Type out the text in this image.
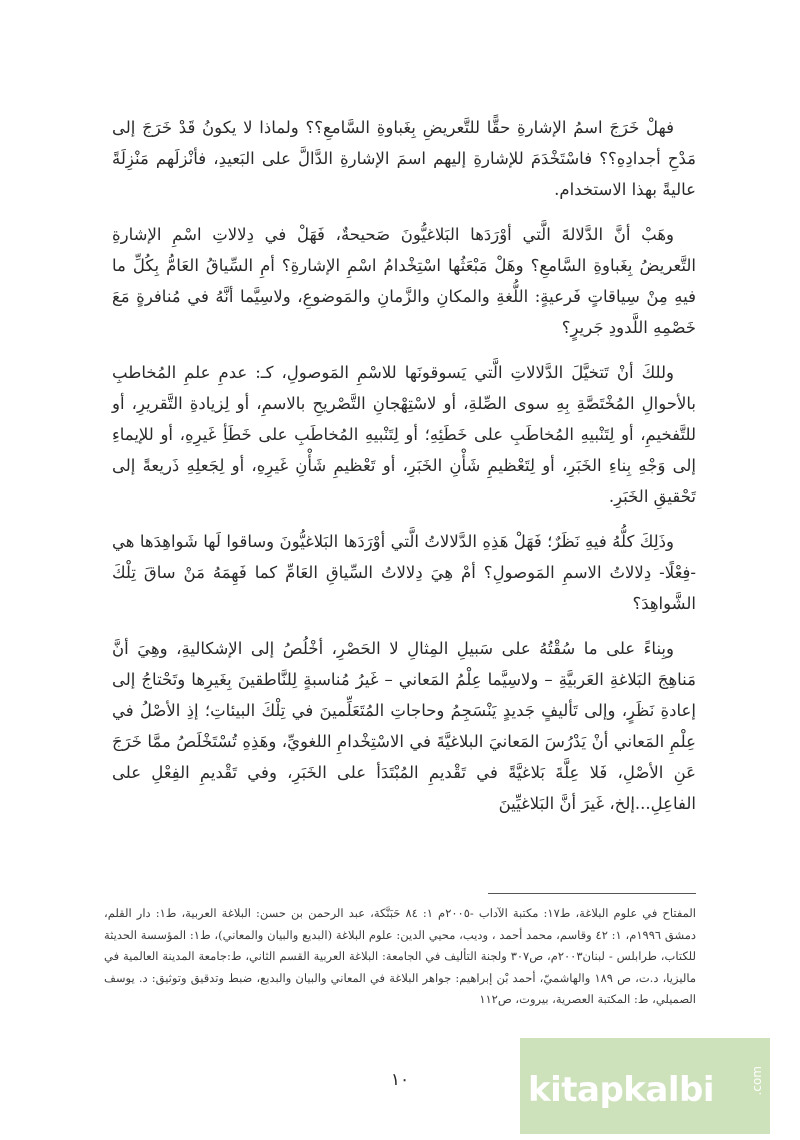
فهلْ خَرَجَ اسمُ الإشارةِ حقًّا للتَّعريضِ بِغَباوةِ السَّامعِ؟؟ ولماذا لا يكونُ قَدْ خَرَجَ إلى مَدْحِ أجدادِهِ؟؟ فاسْتَخْدَمَ للإشارةِ إليهم اسمَ الإشارةِ الدَّالَّ على البَعيدِ، فأنْزلَهم مَنْزِلَةً عاليةً بهذا الاستخدام.

وهَبْ أنَّ الدَّلالةَ الَّتي أوْرَدَها البَلاغيُّونَ صَحيحةٌ، فَهَلْ في دِلالاتِ اسْمِ الإشارةِ التَّعريضُ بِغَباوةِ السَّامعِ؟ وهَلْ مَبْعَثُها اسْتِخْدامُ اسْمِ الإشارةِ؟ أمِ السِّياقُ العَامُّ بِكُلِّ ما فيهِ مِنْ سِياقاتٍ فَرعيةٍ: اللُّغةِ والمكانِ والزَّمانِ والمَوضوعِ، ولاسِيَّما أنَّهُ في مُنافرةٍ مَعَ خَصْمِهِ اللَّدودِ جَريرٍ؟

وللكَ أنْ تَتخيَّلَ الدَّلالاتِ الَّتي يَسوقونَها للاسْمِ المَوصولِ، كـ: عدمِ علمِ المُخاطبِ بالأحوالِ المُخْتَصَّةِ بِهِ سوى الصِّلةِ، أو لاسْتِهْجانِ التَّصْريحِ بالاسمِ، أو لِزيادةِ التَّقريرِ، أو للتَّفخيمِ، أو لِتَنْبيهِ المُخاطَبِ على خَطَئِهِ؛ أو لِتَنْبيهِ المُخاطَبِ على خَطَأِ غَيرِهِ، أو للإيماءِ إلى وَجْهِ بِناءِ الخَبَرِ، أو لِتَعْظيمِ شَأْنِ الخَبَرِ، أو تَعْظيمِ شَأْنِ غَيرِهِ، أو لِجَعلِهِ ذَريعةً إلى تَحْقيقِ الخَبَرِ.

وذَلِكَ كلُّهُ فيهِ نَظَرٌ؛ فَهَلْ هَذِهِ الدَّلالاتُ الَّتي أوْرَدَها البَلاغيُّونَ وساقوا لَها شَواهِدَها هي -فِعْلًا- دِلالاتُ الاسمِ المَوصولِ؟ أمْ هِيَ دِلالاتُ السِّياقِ العَامِّ كما فَهِمَهُ مَنْ ساقَ تِلْكَ الشَّواهِدَ؟

وبِناءً على ما سُقْتُهُ على سَبيلِ المِثالِ لا الحَصْرِ، أخْلُصُ إلى الإشكاليةِ، وهِيَ أنَّ مَناهِجَ البَلاغةِ العَربيَّةِ – ولاسِيَّما عِلْمُ المَعاني – غَيرُ مُناسبةٍ لِلنَّاطقينَ بِغَيرِها وتَحْتاجُ إلى إعادةِ نَظَرٍ، وإلى تَأليفٍ جَديدٍ يَنْسَجِمُ وحاجاتِ المُتَعَلِّمينَ في تِلْكَ البيئاتِ؛ إذِ الأصْلُ في عِلْمِ المَعاني أنْ يَدْرُسَ المَعانيَ البلاغيَّةَ في الاسْتِخْدامِ اللغويِّ، وهَذِهِ تُسْتَخْلَصُ ممَّا خَرَجَ عَنِ الأصْلِ، فَلا عِلَّةَ بَلاغيَّةً في تَقْديمِ المُبْتَدَأ على الخَبَرِ، وفي تَقْديمِ الفِعْلِ على الفاعِلِ...إلخ، غَيرَ أنَّ البَلاغيِّينَ

المفتاح في علوم البلاغة، ط١٧: مكتبة الآداب -٢٠٠٥م ١: ٨٤ حَبَنَّكة، عبد الرحمن بن حسن: البلاغة العربية، ط١: دار القلم، دمشق ١٩٩٦م، ١: ٤٢ وقاسم، محمد أحمد ، وديب، محيي الدين: علوم البلاغة (البديع والبيان والمعاني)، ط١: المؤسسة الحديثة للكتاب، طرابلس - لبنان٢٠٠٣م، ص٣٠٧ ولجنة التأليف في الجامعة: البلاغة العربية القسم الثاني، ط:جامعة المدينة العالمية في ماليزيا، د.ت، ص ١٨٩ والهاشميّ، أحمد بْن إبراهيم: جواهر البلاغة في المعاني والبيان والبديع، ضبط وتدقيق وتوثيق: د. يوسف الصميلي، ط: المكتبة العصرية، بيروت، ص١١٢

١٠	kitapkalbi	.com
